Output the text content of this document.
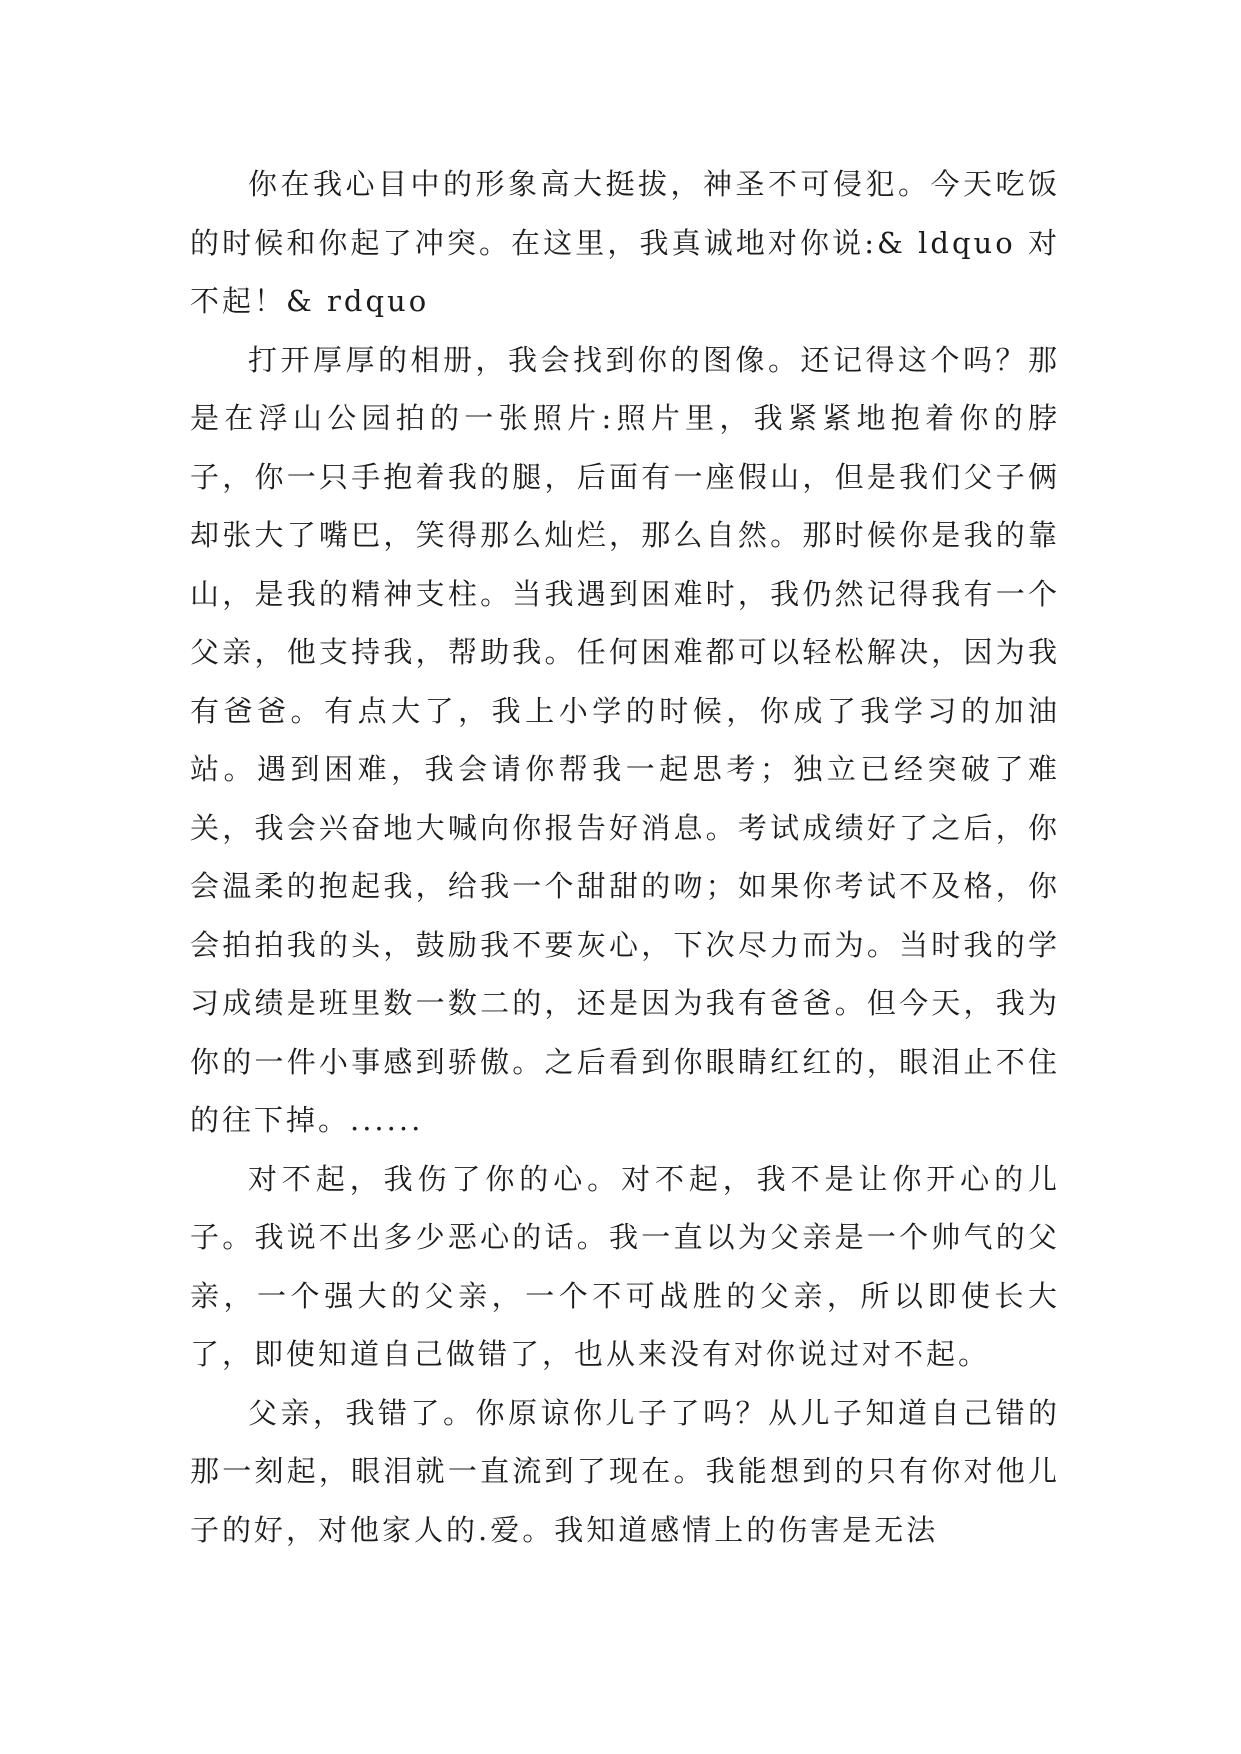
你在我心目中的形象高大挺拔，神圣不可侵犯。今天吃饭的时候和你起了冲突。在这里，我真诚地对你说:& ldquo 对不起！& rdquo

打开厚厚的相册，我会找到你的图像。还记得这个吗？那是在浮山公园拍的一张照片:照片里，我紧紧地抱着你的脖子，你一只手抱着我的腿，后面有一座假山，但是我们父子俩却张大了嘴巴，笑得那么灿烂，那么自然。那时候你是我的靠山，是我的精神支柱。当我遇到困难时，我仍然记得我有一个父亲，他支持我，帮助我。任何困难都可以轻松解决，因为我有爸爸。有点大了，我上小学的时候，你成了我学习的加油站。遇到困难，我会请你帮我一起思考；独立已经突破了难关，我会兴奋地大喊向你报告好消息。考试成绩好了之后，你会温柔的抱起我，给我一个甜甜的吻；如果你考试不及格，你会拍拍我的头，鼓励我不要灰心，下次尽力而为。当时我的学习成绩是班里数一数二的，还是因为我有爸爸。但今天，我为你的一件小事感到骄傲。之后看到你眼睛红红的，眼泪止不住的往下掉。......

对不起，我伤了你的心。对不起，我不是让你开心的儿子。我说不出多少恶心的话。我一直以为父亲是一个帅气的父亲，一个强大的父亲，一个不可战胜的父亲，所以即使长大了，即使知道自己做错了，也从来没有对你说过对不起。

父亲，我错了。你原谅你儿子了吗？从儿子知道自己错的那一刻起，眼泪就一直流到了现在。我能想到的只有你对他儿子的好，对他家人的.爱。我知道感情上的伤害是无法
